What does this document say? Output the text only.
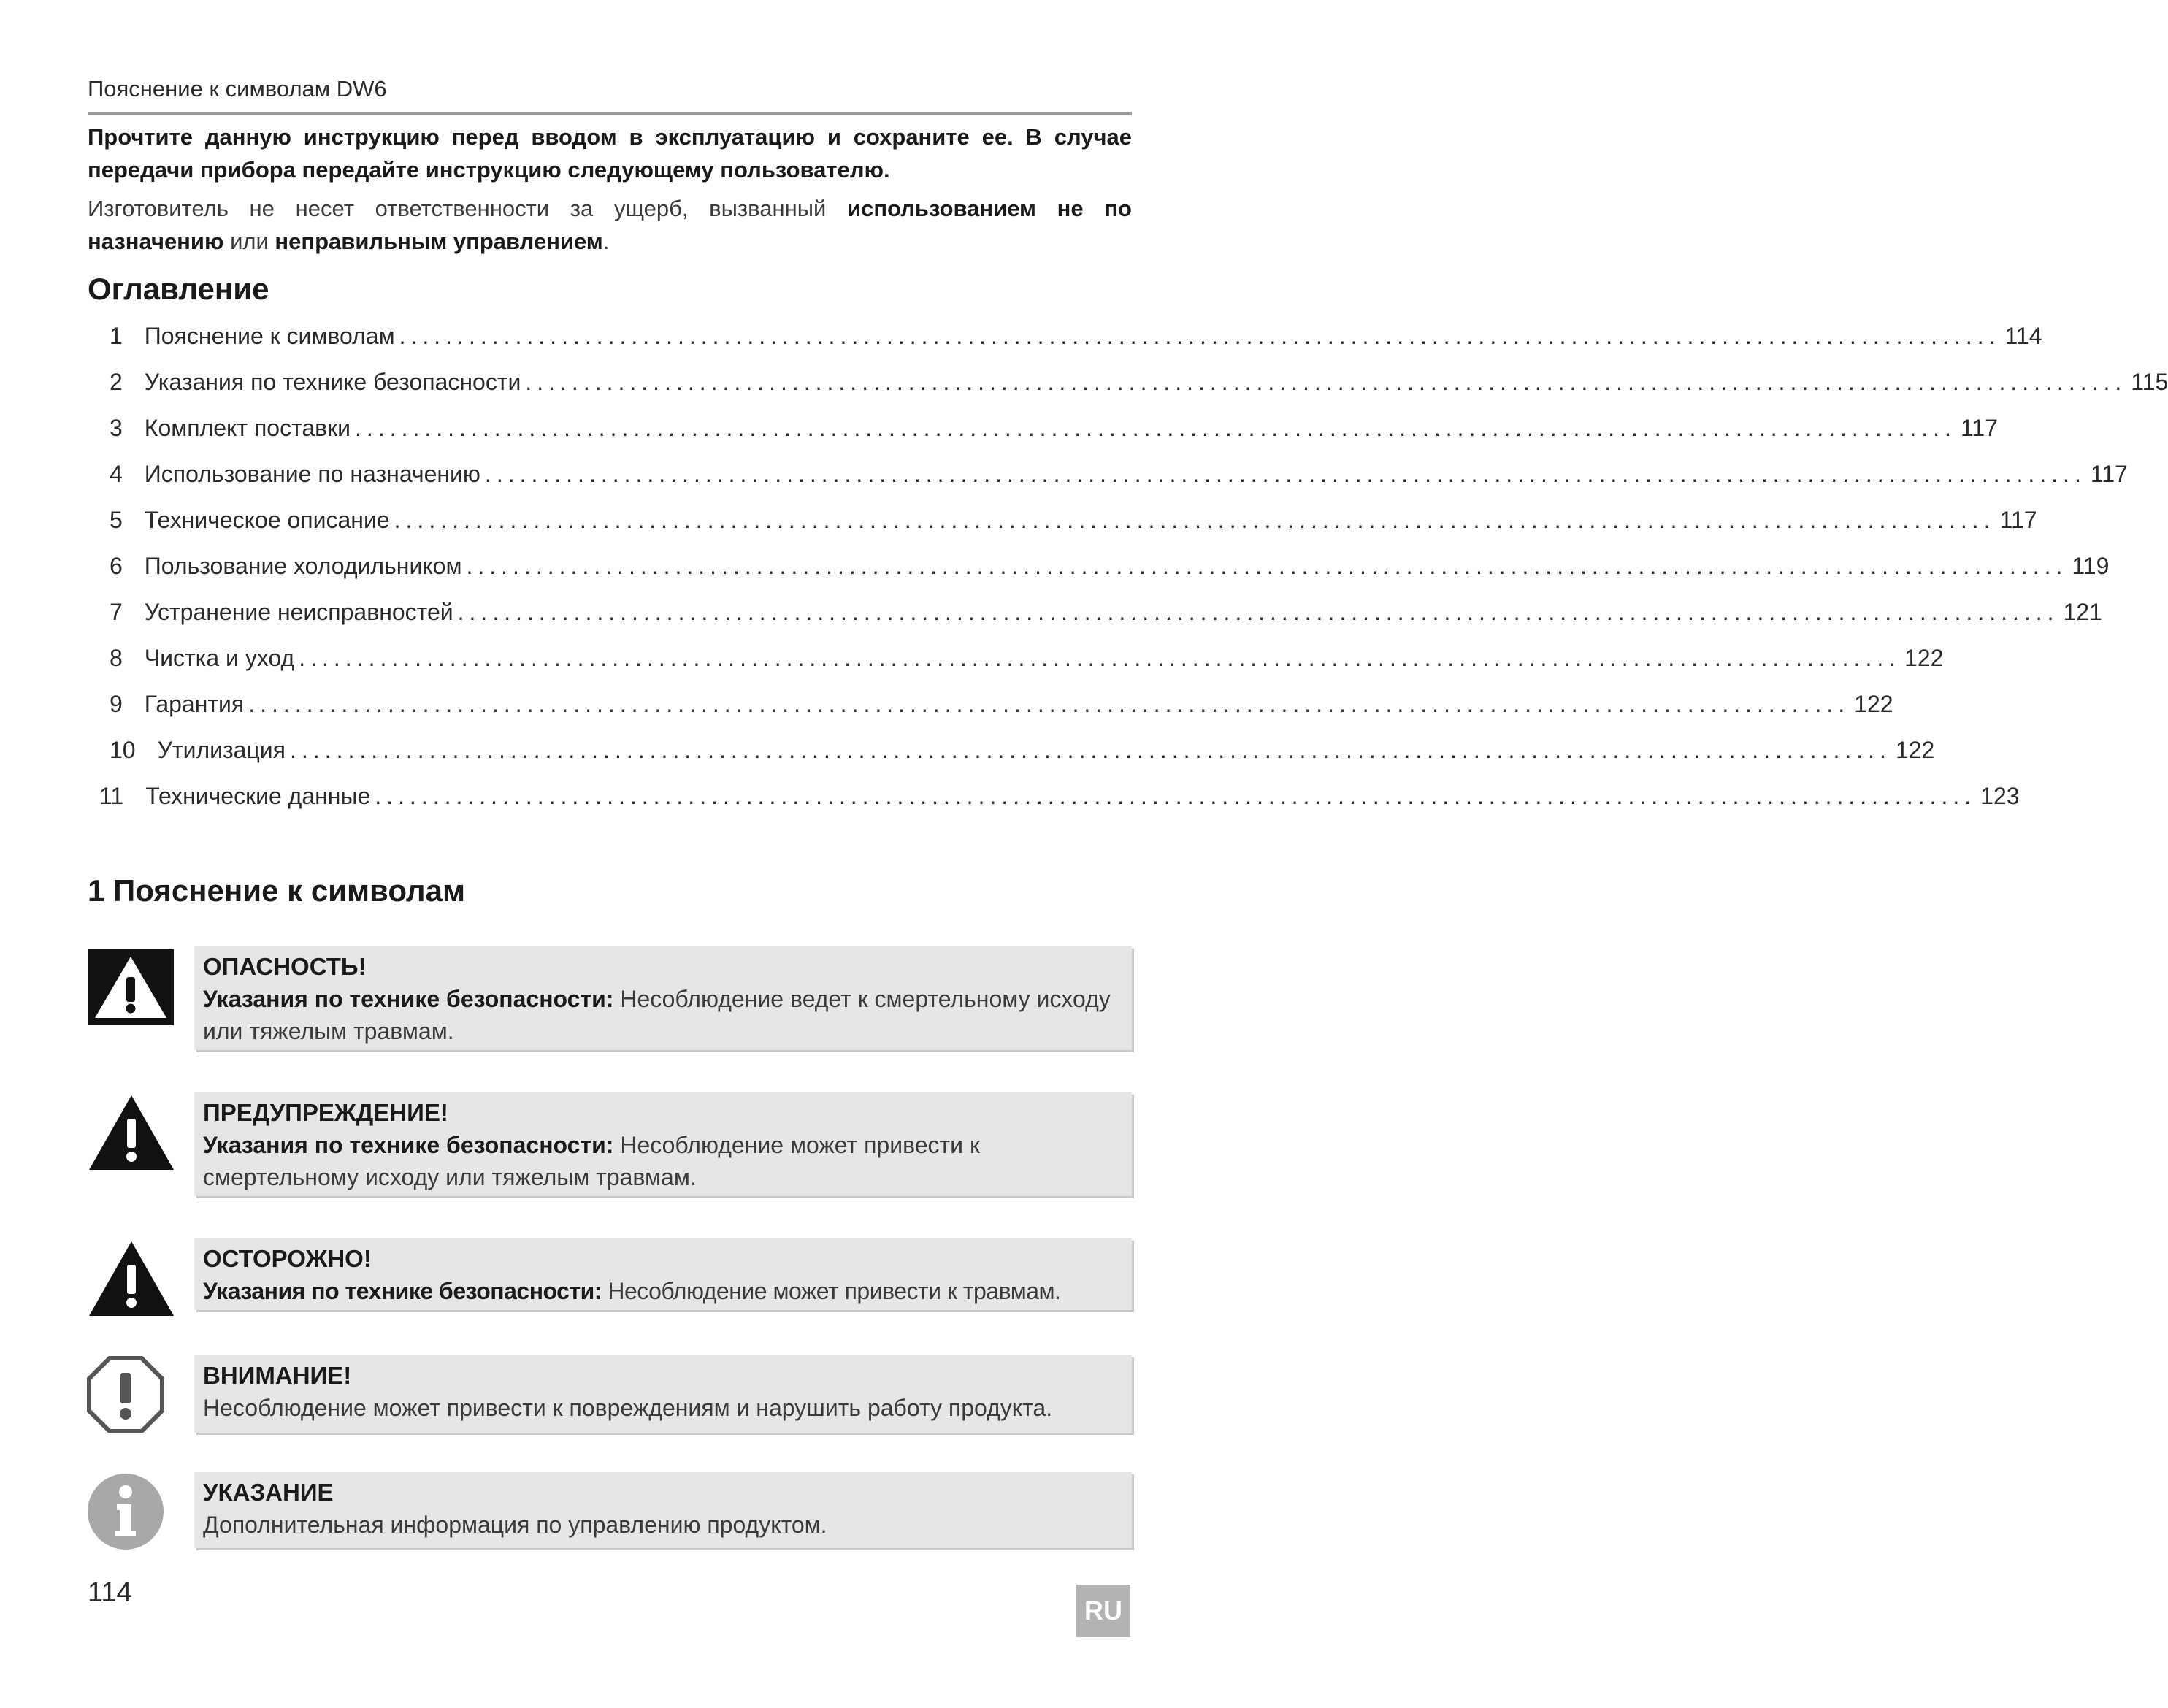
Пояснение к символам DW6
Прочтите данную инструкцию перед вводом в эксплуатацию и сохраните ее. В случае передачи прибора передайте инструкцию следующему пользователю.
Изготовитель не несет ответственности за ущерб, вызванный использованием не по назначению или неправильным управлением.
Оглавление
1 Пояснение к символам .......................................................................................................................................... 114
2 Указания по технике безопасности .......................................................................................................................................... 115
3 Комплект поставки .......................................................................................................................................... 117
4 Использование по назначению .......................................................................................................................................... 117
5 Техническое описание .......................................................................................................................................... 117
6 Пользование холодильником .......................................................................................................................................... 119
7 Устранение неисправностей .......................................................................................................................................... 121
8 Чистка и уход .......................................................................................................................................... 122
9 Гарантия .......................................................................................................................................... 122
10 Утилизация .......................................................................................................................................... 122
11 Технические данные .......................................................................................................................................... 123
1 Пояснение к символам
ОПАСНОСТЬ!
Указания по технике безопасности: Несоблюдение ведет к смертельному исходу или тяжелым травмам.
ПРЕДУПРЕЖДЕНИЕ!
Указания по технике безопасности: Несоблюдение может привести к смертельному исходу или тяжелым травмам.
ОСТОРОЖНО!
Указания по технике безопасности: Несоблюдение может привести к травмам.
ВНИМАНИЕ!
Несоблюдение может привести к повреждениям и нарушить работу продукта.
УКАЗАНИЕ
Дополнительная информация по управлению продуктом.
114
RU
